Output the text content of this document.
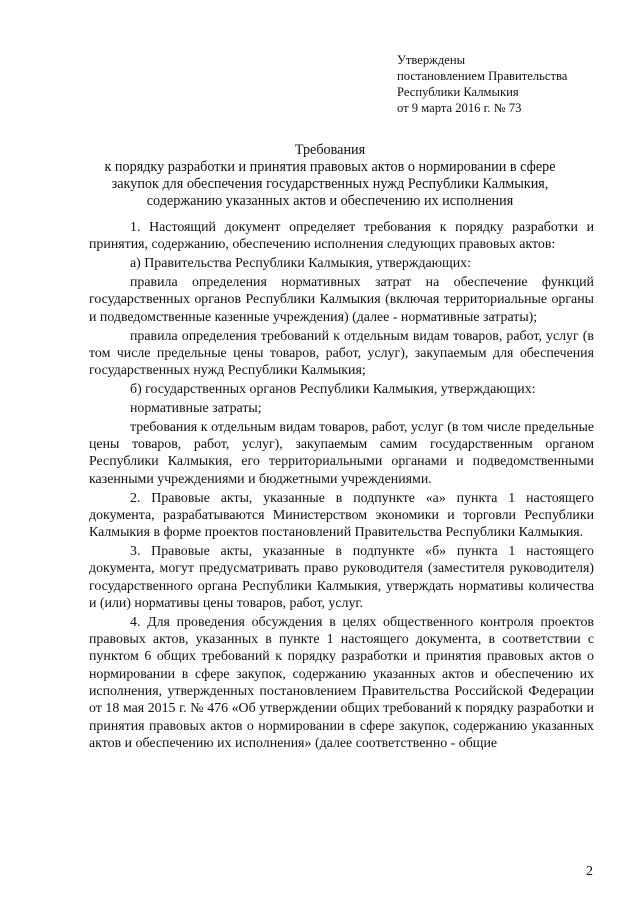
Утверждены
постановлением Правительства
Республики Калмыкия
от 9 марта 2016 г. № 73
Требования
к порядку разработки и принятия правовых актов о нормировании в сфере
закупок для обеспечения государственных нужд Республики Калмыкия,
содержанию указанных актов и обеспечению их исполнения

1. Настоящий документ определяет требования к порядку разработки и принятия, содержанию, обеспечению исполнения следующих правовых актов:

а) Правительства Республики Калмыкия, утверждающих:

правила определения нормативных затрат на обеспечение функций государственных органов Республики Калмыкия (включая территориальные органы и подведомственные казенные учреждения) (далее - нормативные затраты);

правила определения требований к отдельным видам товаров, работ, услуг (в том числе предельные цены товаров, работ, услуг), закупаемым для обеспечения государственных нужд Республики Калмыкия;

б) государственных органов Республики Калмыкия, утверждающих:

нормативные затраты;

требования к отдельным видам товаров, работ, услуг (в том числе предельные цены товаров, работ, услуг), закупаемым самим государственным органом Республики Калмыкия, его территориальными органами и подведомственными казенными учреждениями и бюджетными учреждениями.

2. Правовые акты, указанные в подпункте «а» пункта 1 настоящего документа, разрабатываются Министерством экономики и торговли Республики Калмыкия в форме проектов постановлений Правительства Республики Калмыкия.

3. Правовые акты, указанные в подпункте «б» пункта 1 настоящего документа, могут предусматривать право руководителя (заместителя руководителя) государственного органа Республики Калмыкия, утверждать нормативы количества и (или) нормативы цены товаров, работ, услуг.

4. Для проведения обсуждения в целях общественного контроля проектов правовых актов, указанных в пункте 1 настоящего документа, в соответствии с пунктом 6 общих требований к порядку разработки и принятия правовых актов о нормировании в сфере закупок, содержанию указанных актов и обеспечению их исполнения, утвержденных постановлением Правительства Российской Федерации от 18 мая 2015 г. № 476 «Об утверждении общих требований к порядку разработки и принятия правовых актов о нормировании в сфере закупок, содержанию указанных актов и обеспечению их исполнения» (далее соответственно - общие

2
